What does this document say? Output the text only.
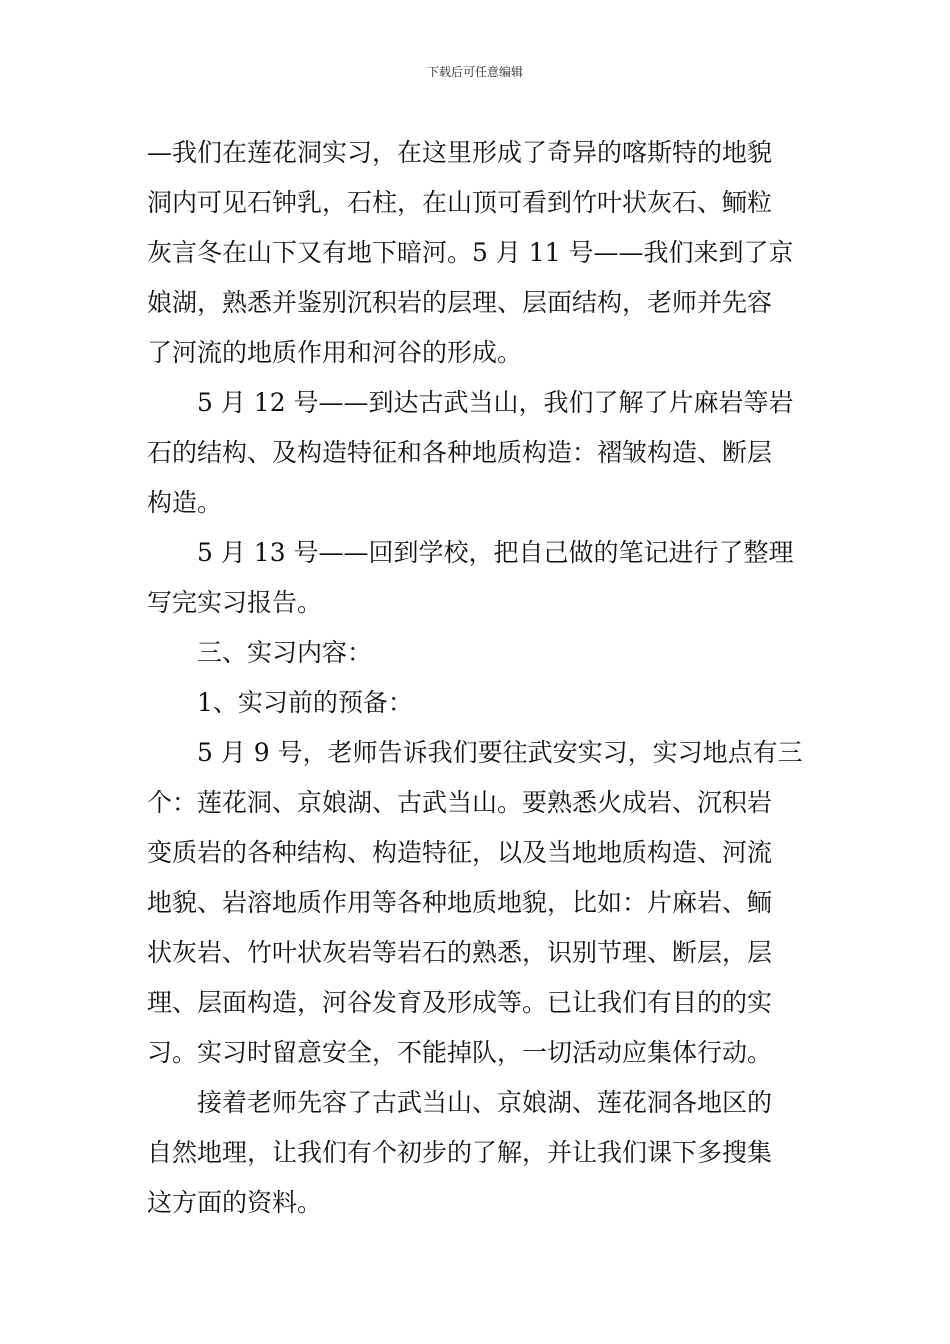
下载后可任意编辑
—我们在莲花洞实习，在这里形成了奇异的喀斯特的地貌
洞内可见石钟乳，石柱，在山顶可看到竹叶状灰石、鲕粒
灰言冬在山下又有地下暗河。5 月 11 号——我们来到了京
娘湖，熟悉并鉴别沉积岩的层理、层面结构，老师并先容
了河流的地质作用和河谷的形成。
5 月 12 号——到达古武当山，我们了解了片麻岩等岩
石的结构、及构造特征和各种地质构造：褶皱构造、断层
构造。
5 月 13 号——回到学校，把自己做的笔记进行了整理
写完实习报告。
三、实习内容：
1、实习前的预备：
5 月 9 号，老师告诉我们要往武安实习，实习地点有三
个：莲花洞、京娘湖、古武当山。要熟悉火成岩、沉积岩
变质岩的各种结构、构造特征，以及当地地质构造、河流
地貌、岩溶地质作用等各种地质地貌，比如：片麻岩、鲕
状灰岩、竹叶状灰岩等岩石的熟悉，识别节理、断层，层
理、层面构造，河谷发育及形成等。已让我们有目的的实
习。实习时留意安全，不能掉队，一切活动应集体行动。
接着老师先容了古武当山、京娘湖、莲花洞各地区的
自然地理，让我们有个初步的了解，并让我们课下多搜集
这方面的资料。
